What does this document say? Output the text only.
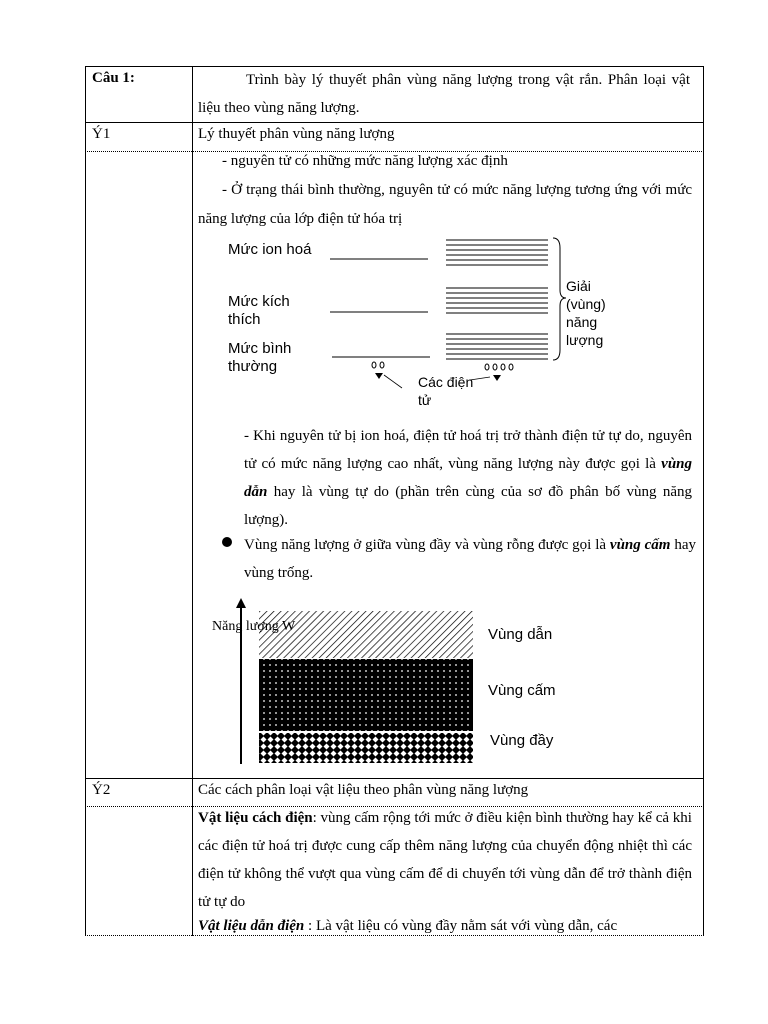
Câu 1:	Trình bày lý thuyết phân vùng năng lượng trong vật rắn. Phân loại vật liệu theo vùng năng lượng.
Ý1	Lý thuyết phân vùng năng lượng
- nguyên tử có những mức năng lượng xác định
- Ở trạng thái bình thường, nguyên tử có mức năng lượng tương ứng với mức năng lượng của lớp điện tử hóa trị
Mức ion hoá
Mức kích thích
Mức bình thường
Giải (vùng) năng lượng
Các điện tử
- Khi nguyên tử bị ion hoá, điện tử hoá trị trở thành điện tử tự do, nguyên tử có mức năng lượng cao nhất, vùng năng lượng này được gọi là vùng dẫn hay là vùng tự do (phần trên cùng của sơ đồ phân bố vùng năng lượng).
Vùng năng lượng ở giữa vùng đầy và vùng rỗng được gọi là vùng cấm hay vùng trống.
Năng lượng W	Vùng dẫn
Vùng cấm
Vùng đầy
Ý2	Các cách phân loại vật liệu theo phân vùng năng lượng
Vật liệu cách điện: vùng cấm rộng tới mức ở điều kiện bình thường hay kể cả khi các điện tử hoá trị được cung cấp thêm năng lượng của chuyển động nhiệt thì các điện tử không thể vượt qua vùng cấm để di chuyển tới vùng dẫn để trở thành điện tử tự do
Vật liệu dẫn điện : Là vật liệu có vùng đầy nằm sát với vùng dẫn, các
